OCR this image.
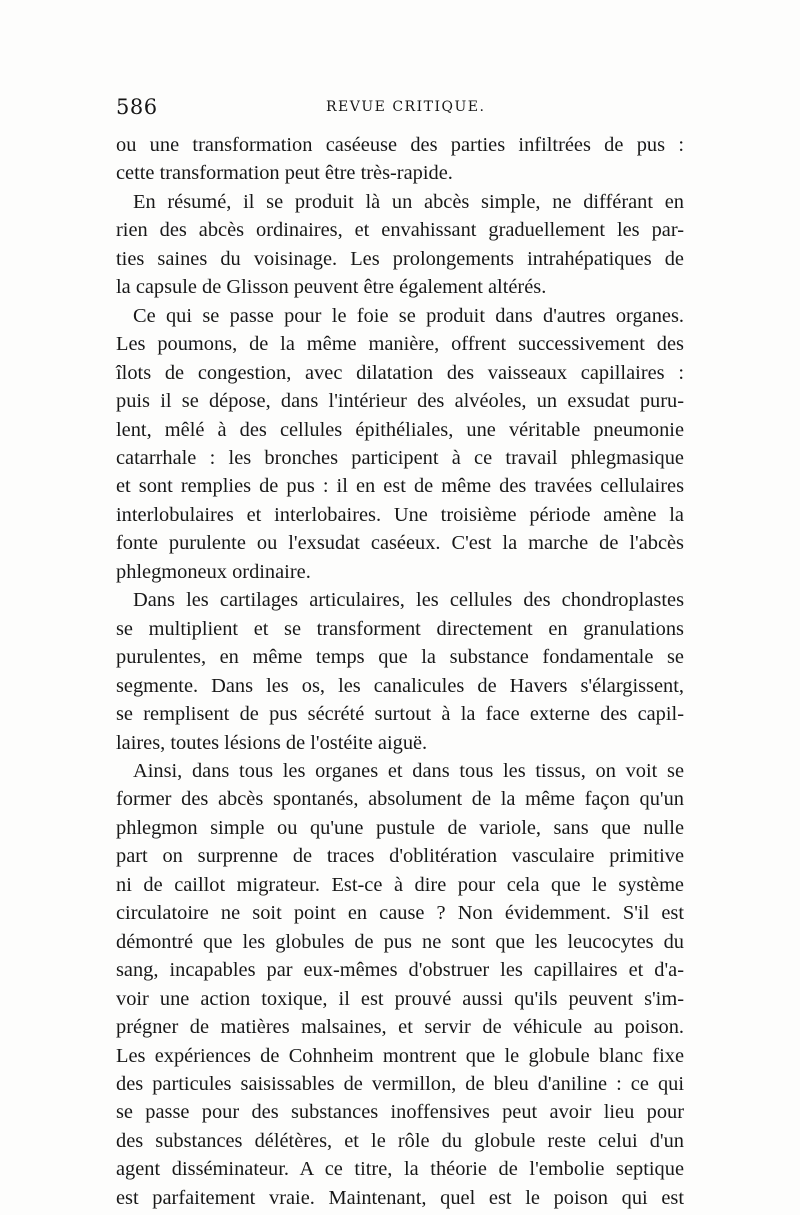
586	REVUE CRITIQUE.

ou une transformation caséeuse des parties infiltrées de pus :

cette transformation peut être très-rapide.

En résumé, il se produit là un abcès simple, ne différant en

rien des abcès ordinaires, et envahissant graduellement les par-

ties saines du voisinage. Les prolongements intrahépatiques de

la capsule de Glisson peuvent être également altérés.

Ce qui se passe pour le foie se produit dans d'autres organes.

Les poumons, de la même manière, offrent successivement des

îlots de congestion, avec dilatation des vaisseaux capillaires :

puis il se dépose, dans l'intérieur des alvéoles, un exsudat puru-

lent, mêlé à des cellules épithéliales, une véritable pneumonie

catarrhale : les bronches participent à ce travail phlegmasique

et sont remplies de pus : il en est de même des travées cellulaires

interlobulaires et interlobaires. Une troisième période amène la

fonte purulente ou l'exsudat caséeux. C'est la marche de l'abcès

phlegmoneux ordinaire.

Dans les cartilages articulaires, les cellules des chondroplastes

se multiplient et se transforment directement en granulations

purulentes, en même temps que la substance fondamentale se

segmente. Dans les os, les canalicules de Havers s'élargissent,

se remplisent de pus sécrété surtout à la face externe des capil-

laires, toutes lésions de l'ostéite aiguë.

Ainsi, dans tous les organes et dans tous les tissus, on voit se

former des abcès spontanés, absolument de la même façon qu'un

phlegmon simple ou qu'une pustule de variole, sans que nulle

part on surprenne de traces d'oblitération vasculaire primitive

ni de caillot migrateur. Est-ce à dire pour cela que le système

circulatoire ne soit point en cause ? Non évidemment. S'il est

démontré que les globules de pus ne sont que les leucocytes du

sang, incapables par eux-mêmes d'obstruer les capillaires et d'a-

voir une action toxique, il est prouvé aussi qu'ils peuvent s'im-

prégner de matières malsaines, et servir de véhicule au poison.

Les expériences de Cohnheim montrent que le globule blanc fixe

des particules saisissables de vermillon, de bleu d'aniline : ce qui

se passe pour des substances inoffensives peut avoir lieu pour

des substances délétères, et le rôle du globule reste celui d'un

agent disséminateur. A ce titre, la théorie de l'embolie septique

est parfaitement vraie. Maintenant, quel est le poison qui est
